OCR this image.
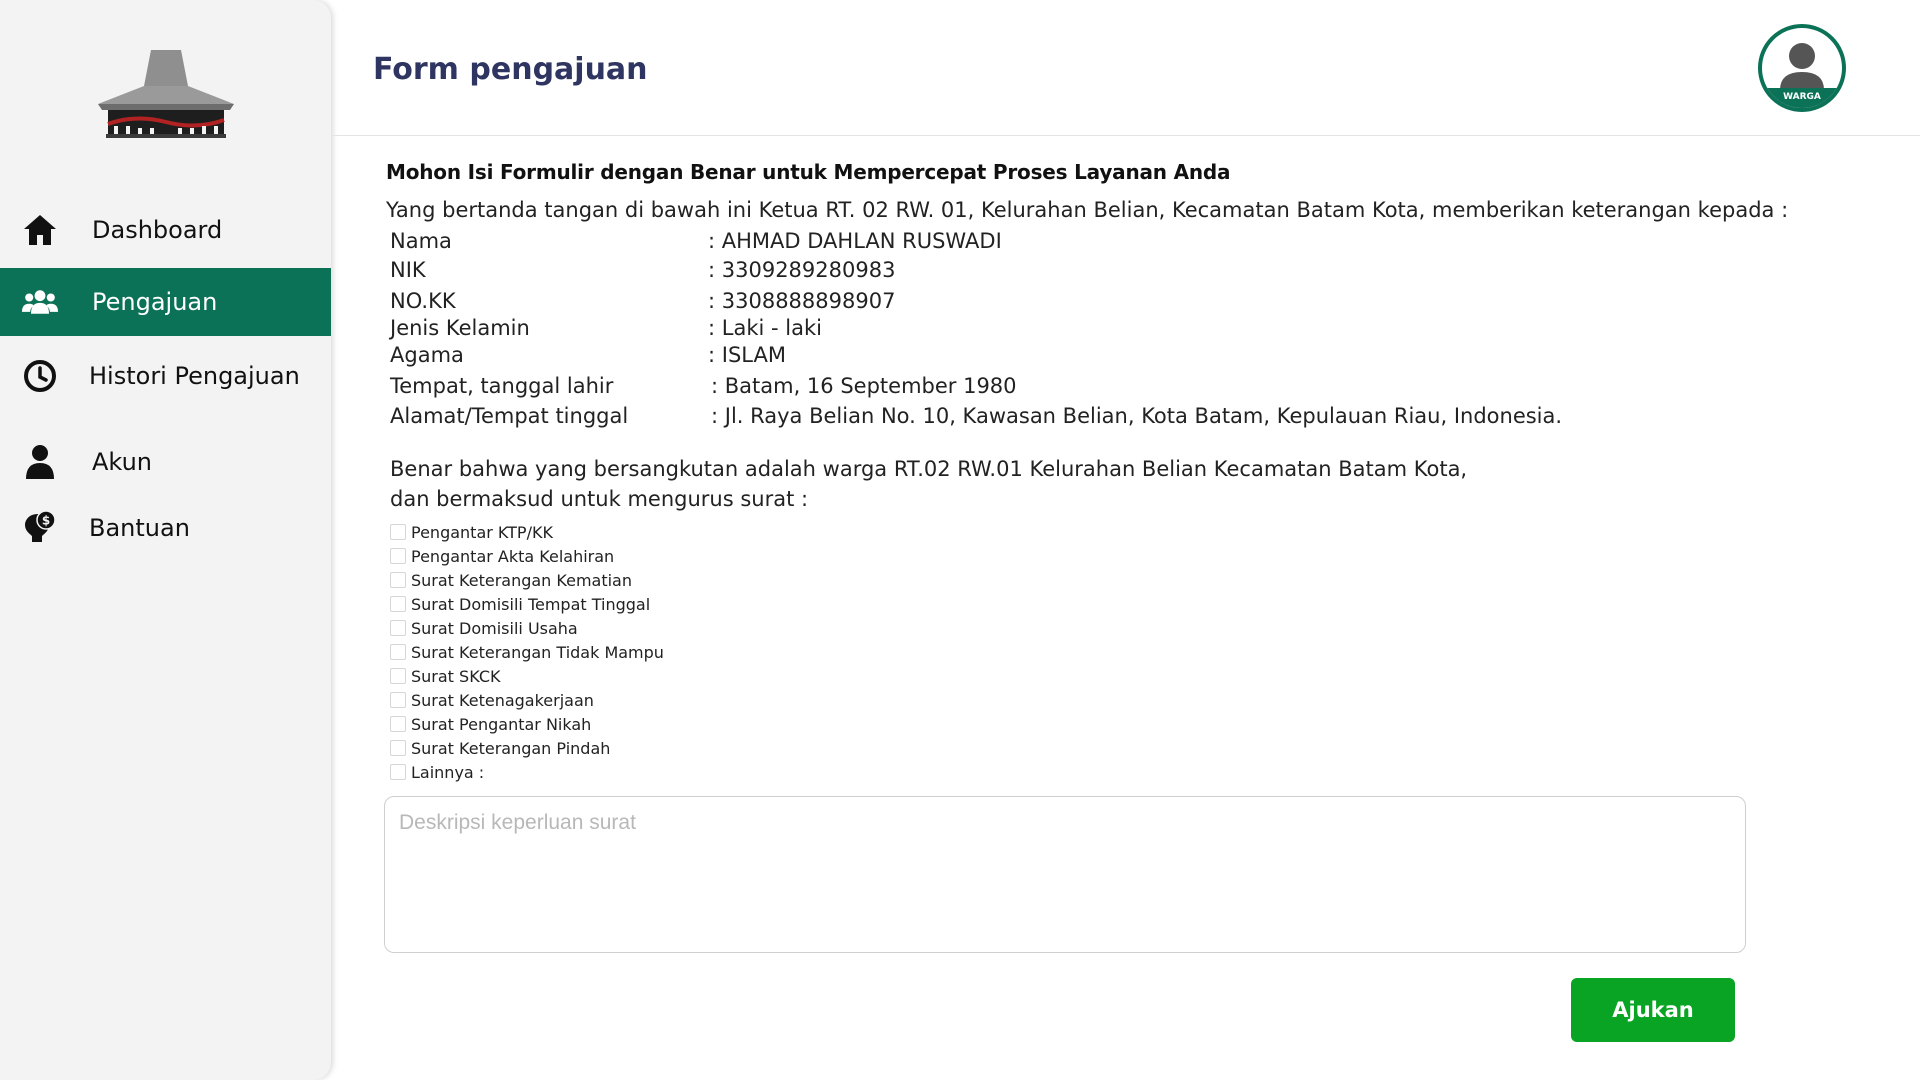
Dashboard
Pengajuan
Histori Pengajuan
Akun
$ Bantuan
Form pengajuan
WARGA
Mohon Isi Formulir dengan Benar untuk Mempercepat Proses Layanan Anda
Yang bertanda tangan di bawah ini Ketua RT. 02 RW. 01, Kelurahan Belian, Kecamatan Batam Kota, memberikan keterangan kepada :
Nama	: AHMAD DAHLAN RUSWADI
NIK	: 3309289280983
NO.KK	: 3308888898907
Jenis Kelamin	: Laki - laki
Agama	: ISLAM
Tempat, tanggal lahir	: Batam, 16 September 1980
Alamat/Tempat tinggal	: Jl. Raya Belian No. 10, Kawasan Belian, Kota Batam, Kepulauan Riau, Indonesia.
Benar bahwa yang bersangkutan adalah warga RT.02 RW.01 Kelurahan Belian Kecamatan Batam Kota,
dan bermaksud untuk mengurus surat :
Pengantar KTP/KK
Pengantar Akta Kelahiran
Surat Keterangan Kematian
Surat Domisili Tempat Tinggal
Surat Domisili Usaha
Surat Keterangan Tidak Mampu
Surat SKCK
Surat Ketenagakerjaan
Surat Pengantar Nikah
Surat Keterangan Pindah
Lainnya :
Deskripsi keperluan surat
Ajukan
